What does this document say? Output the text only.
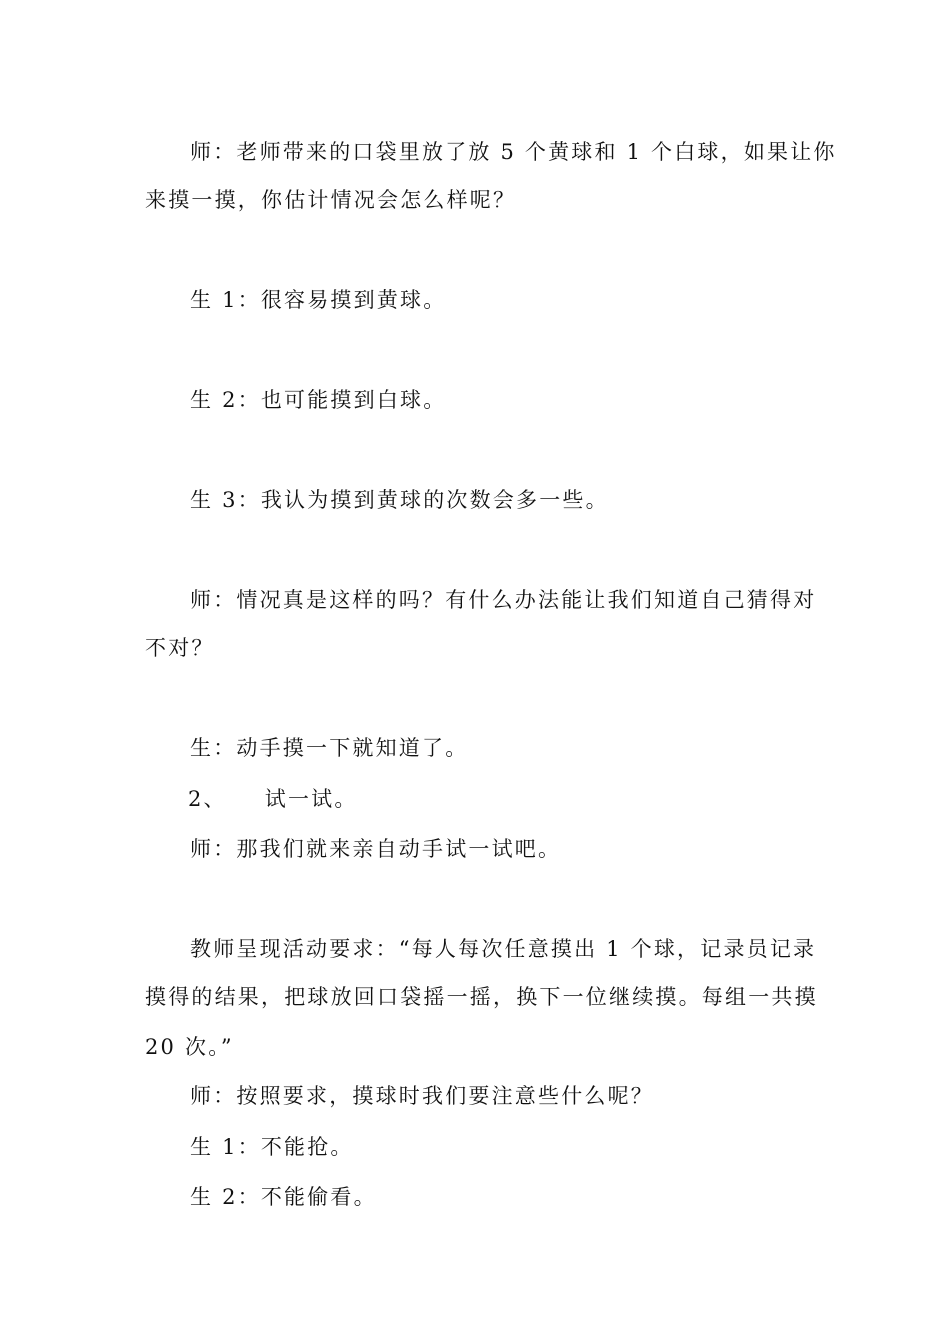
师：老师带来的口袋里放了放 5 个黄球和 1 个白球，如果让你
来摸一摸，你估计情况会怎么样呢？
生 1：很容易摸到黄球。
生 2：也可能摸到白球。
生 3：我认为摸到黄球的次数会多一些。
师：情况真是这样的吗？有什么办法能让我们知道自己猜得对
不对？
生：动手摸一下就知道了。
2、 试一试。
师：那我们就来亲自动手试一试吧。
教师呈现活动要求：“每人每次任意摸出 1 个球，记录员记录
摸得的结果，把球放回口袋摇一摇，换下一位继续摸。每组一共摸
20 次。”
师：按照要求，摸球时我们要注意些什么呢？
生 1：不能抢。
生 2：不能偷看。
